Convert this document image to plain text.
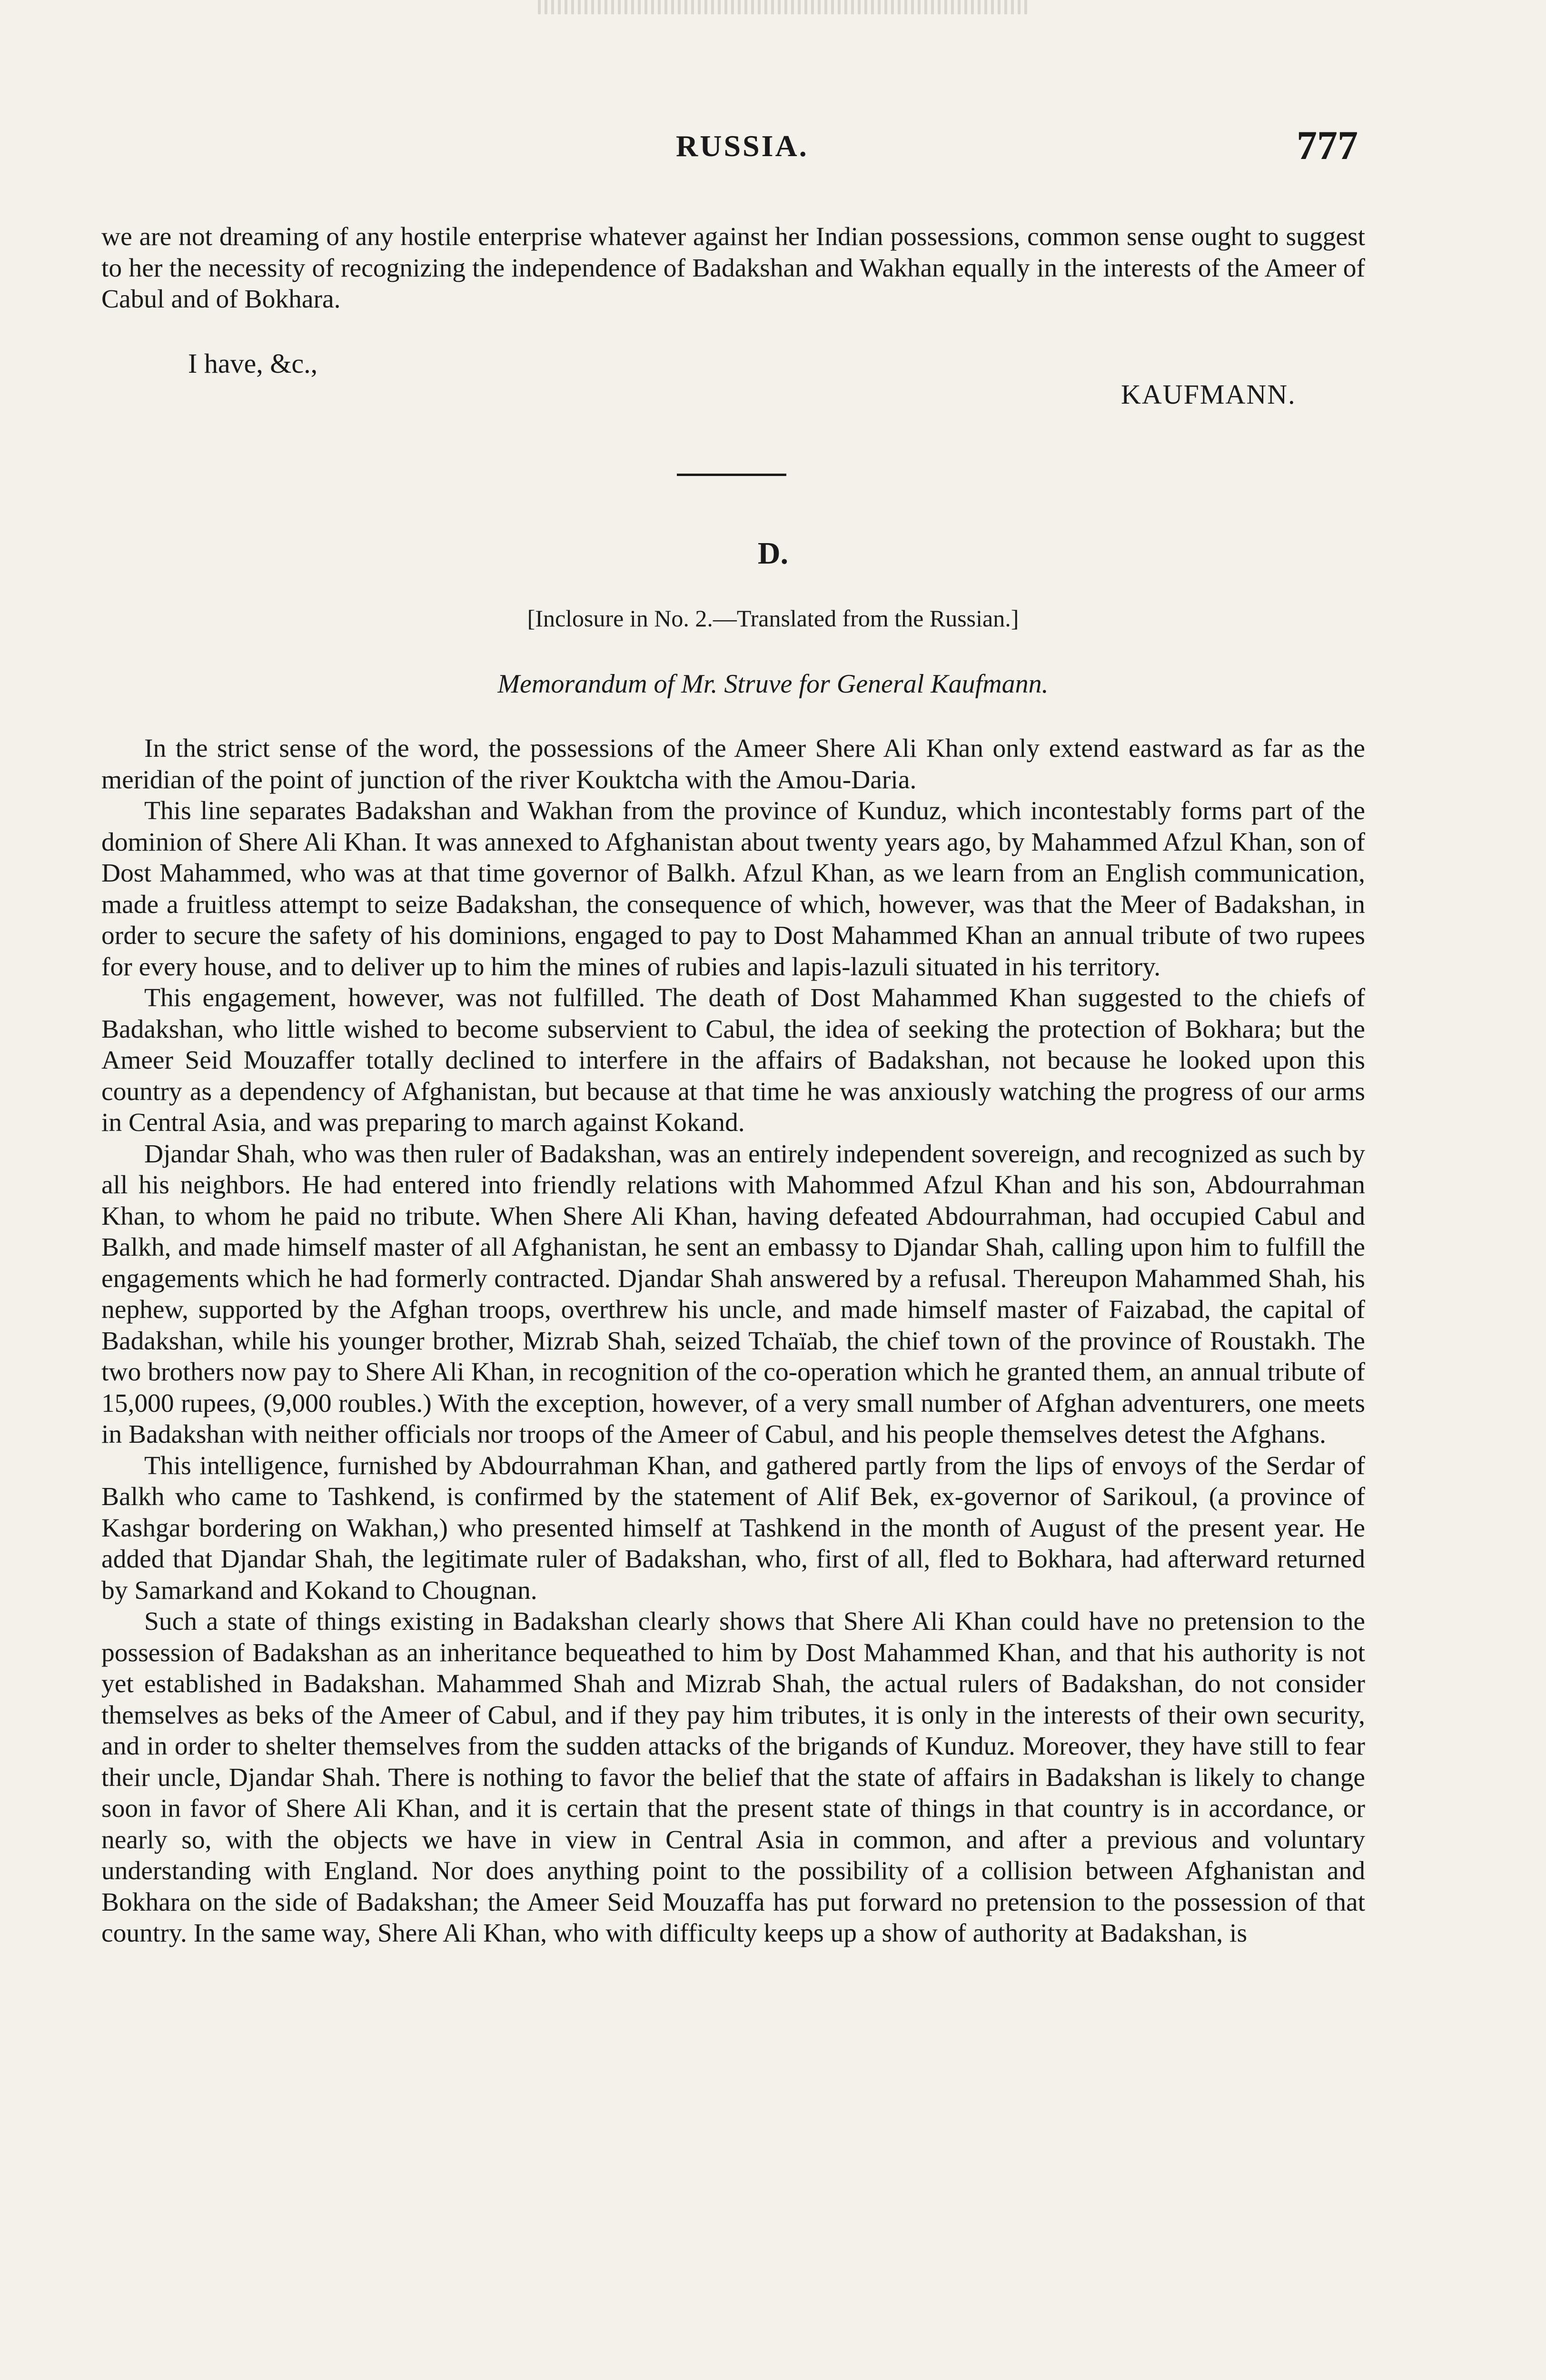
RUSSIA.	777

we are not dreaming of any hostile enterprise whatever against her Indian possessions, common sense ought to suggest to her the necessity of recognizing the independence of Badakshan and Wakhan equally in the interests of the Ameer of Cabul and of Bokhara.

I have, &c.,
KAUFMANN.
D.
[Inclosure in No. 2.—Translated from the Russian.]
Memorandum of Mr. Struve for General Kaufmann.

In the strict sense of the word, the possessions of the Ameer Shere Ali Khan only extend eastward as far as the meridian of the point of junction of the river Kouktcha with the Amou-Daria.

This line separates Badakshan and Wakhan from the province of Kunduz, which incontestably forms part of the dominion of Shere Ali Khan. It was annexed to Afghanistan about twenty years ago, by Mahammed Afzul Khan, son of Dost Mahammed, who was at that time governor of Balkh. Afzul Khan, as we learn from an English communication, made a fruitless attempt to seize Badakshan, the consequence of which, however, was that the Meer of Badakshan, in order to secure the safety of his dominions, engaged to pay to Dost Mahammed Khan an annual tribute of two rupees for every house, and to deliver up to him the mines of rubies and lapis-lazuli situated in his territory.

This engagement, however, was not fulfilled. The death of Dost Mahammed Khan suggested to the chiefs of Badakshan, who little wished to become subservient to Cabul, the idea of seeking the protection of Bokhara; but the Ameer Seid Mouzaffer totally declined to interfere in the affairs of Badakshan, not because he looked upon this country as a dependency of Afghanistan, but because at that time he was anxiously watching the progress of our arms in Central Asia, and was preparing to march against Kokand.

Djandar Shah, who was then ruler of Badakshan, was an entirely independent sovereign, and recognized as such by all his neighbors. He had entered into friendly relations with Mahommed Afzul Khan and his son, Abdourrahman Khan, to whom he paid no tribute. When Shere Ali Khan, having defeated Abdourrahman, had occupied Cabul and Balkh, and made himself master of all Afghanistan, he sent an embassy to Djandar Shah, calling upon him to fulfill the engagements which he had formerly contracted. Djandar Shah answered by a refusal. Thereupon Mahammed Shah, his nephew, supported by the Afghan troops, overthrew his uncle, and made himself master of Faizabad, the capital of Badakshan, while his younger brother, Mizrab Shah, seized Tchaïab, the chief town of the province of Roustakh. The two brothers now pay to Shere Ali Khan, in recognition of the co-operation which he granted them, an annual tribute of 15,000 rupees, (9,000 roubles.) With the exception, however, of a very small number of Afghan adventurers, one meets in Badakshan with neither officials nor troops of the Ameer of Cabul, and his people themselves detest the Afghans.

This intelligence, furnished by Abdourrahman Khan, and gathered partly from the lips of envoys of the Serdar of Balkh who came to Tashkend, is confirmed by the statement of Alif Bek, ex-governor of Sarikoul, (a province of Kashgar bordering on Wakhan,) who presented himself at Tashkend in the month of August of the present year. He added that Djandar Shah, the legitimate ruler of Badakshan, who, first of all, fled to Bokhara, had afterward returned by Samarkand and Kokand to Chougnan.

Such a state of things existing in Badakshan clearly shows that Shere Ali Khan could have no pretension to the possession of Badakshan as an inheritance bequeathed to him by Dost Mahammed Khan, and that his authority is not yet established in Badakshan. Mahammed Shah and Mizrab Shah, the actual rulers of Badakshan, do not consider themselves as beks of the Ameer of Cabul, and if they pay him tributes, it is only in the interests of their own security, and in order to shelter themselves from the sudden attacks of the brigands of Kunduz. Moreover, they have still to fear their uncle, Djandar Shah. There is nothing to favor the belief that the state of affairs in Badakshan is likely to change soon in favor of Shere Ali Khan, and it is certain that the present state of things in that country is in accordance, or nearly so, with the objects we have in view in Central Asia in common, and after a previous and voluntary understanding with England. Nor does anything point to the possibility of a collision between Afghanistan and Bokhara on the side of Badakshan; the Ameer Seid Mouzaffa has put forward no pretension to the possession of that country. In the same way, Shere Ali Khan, who with difficulty keeps up a show of authority at Badakshan, is
